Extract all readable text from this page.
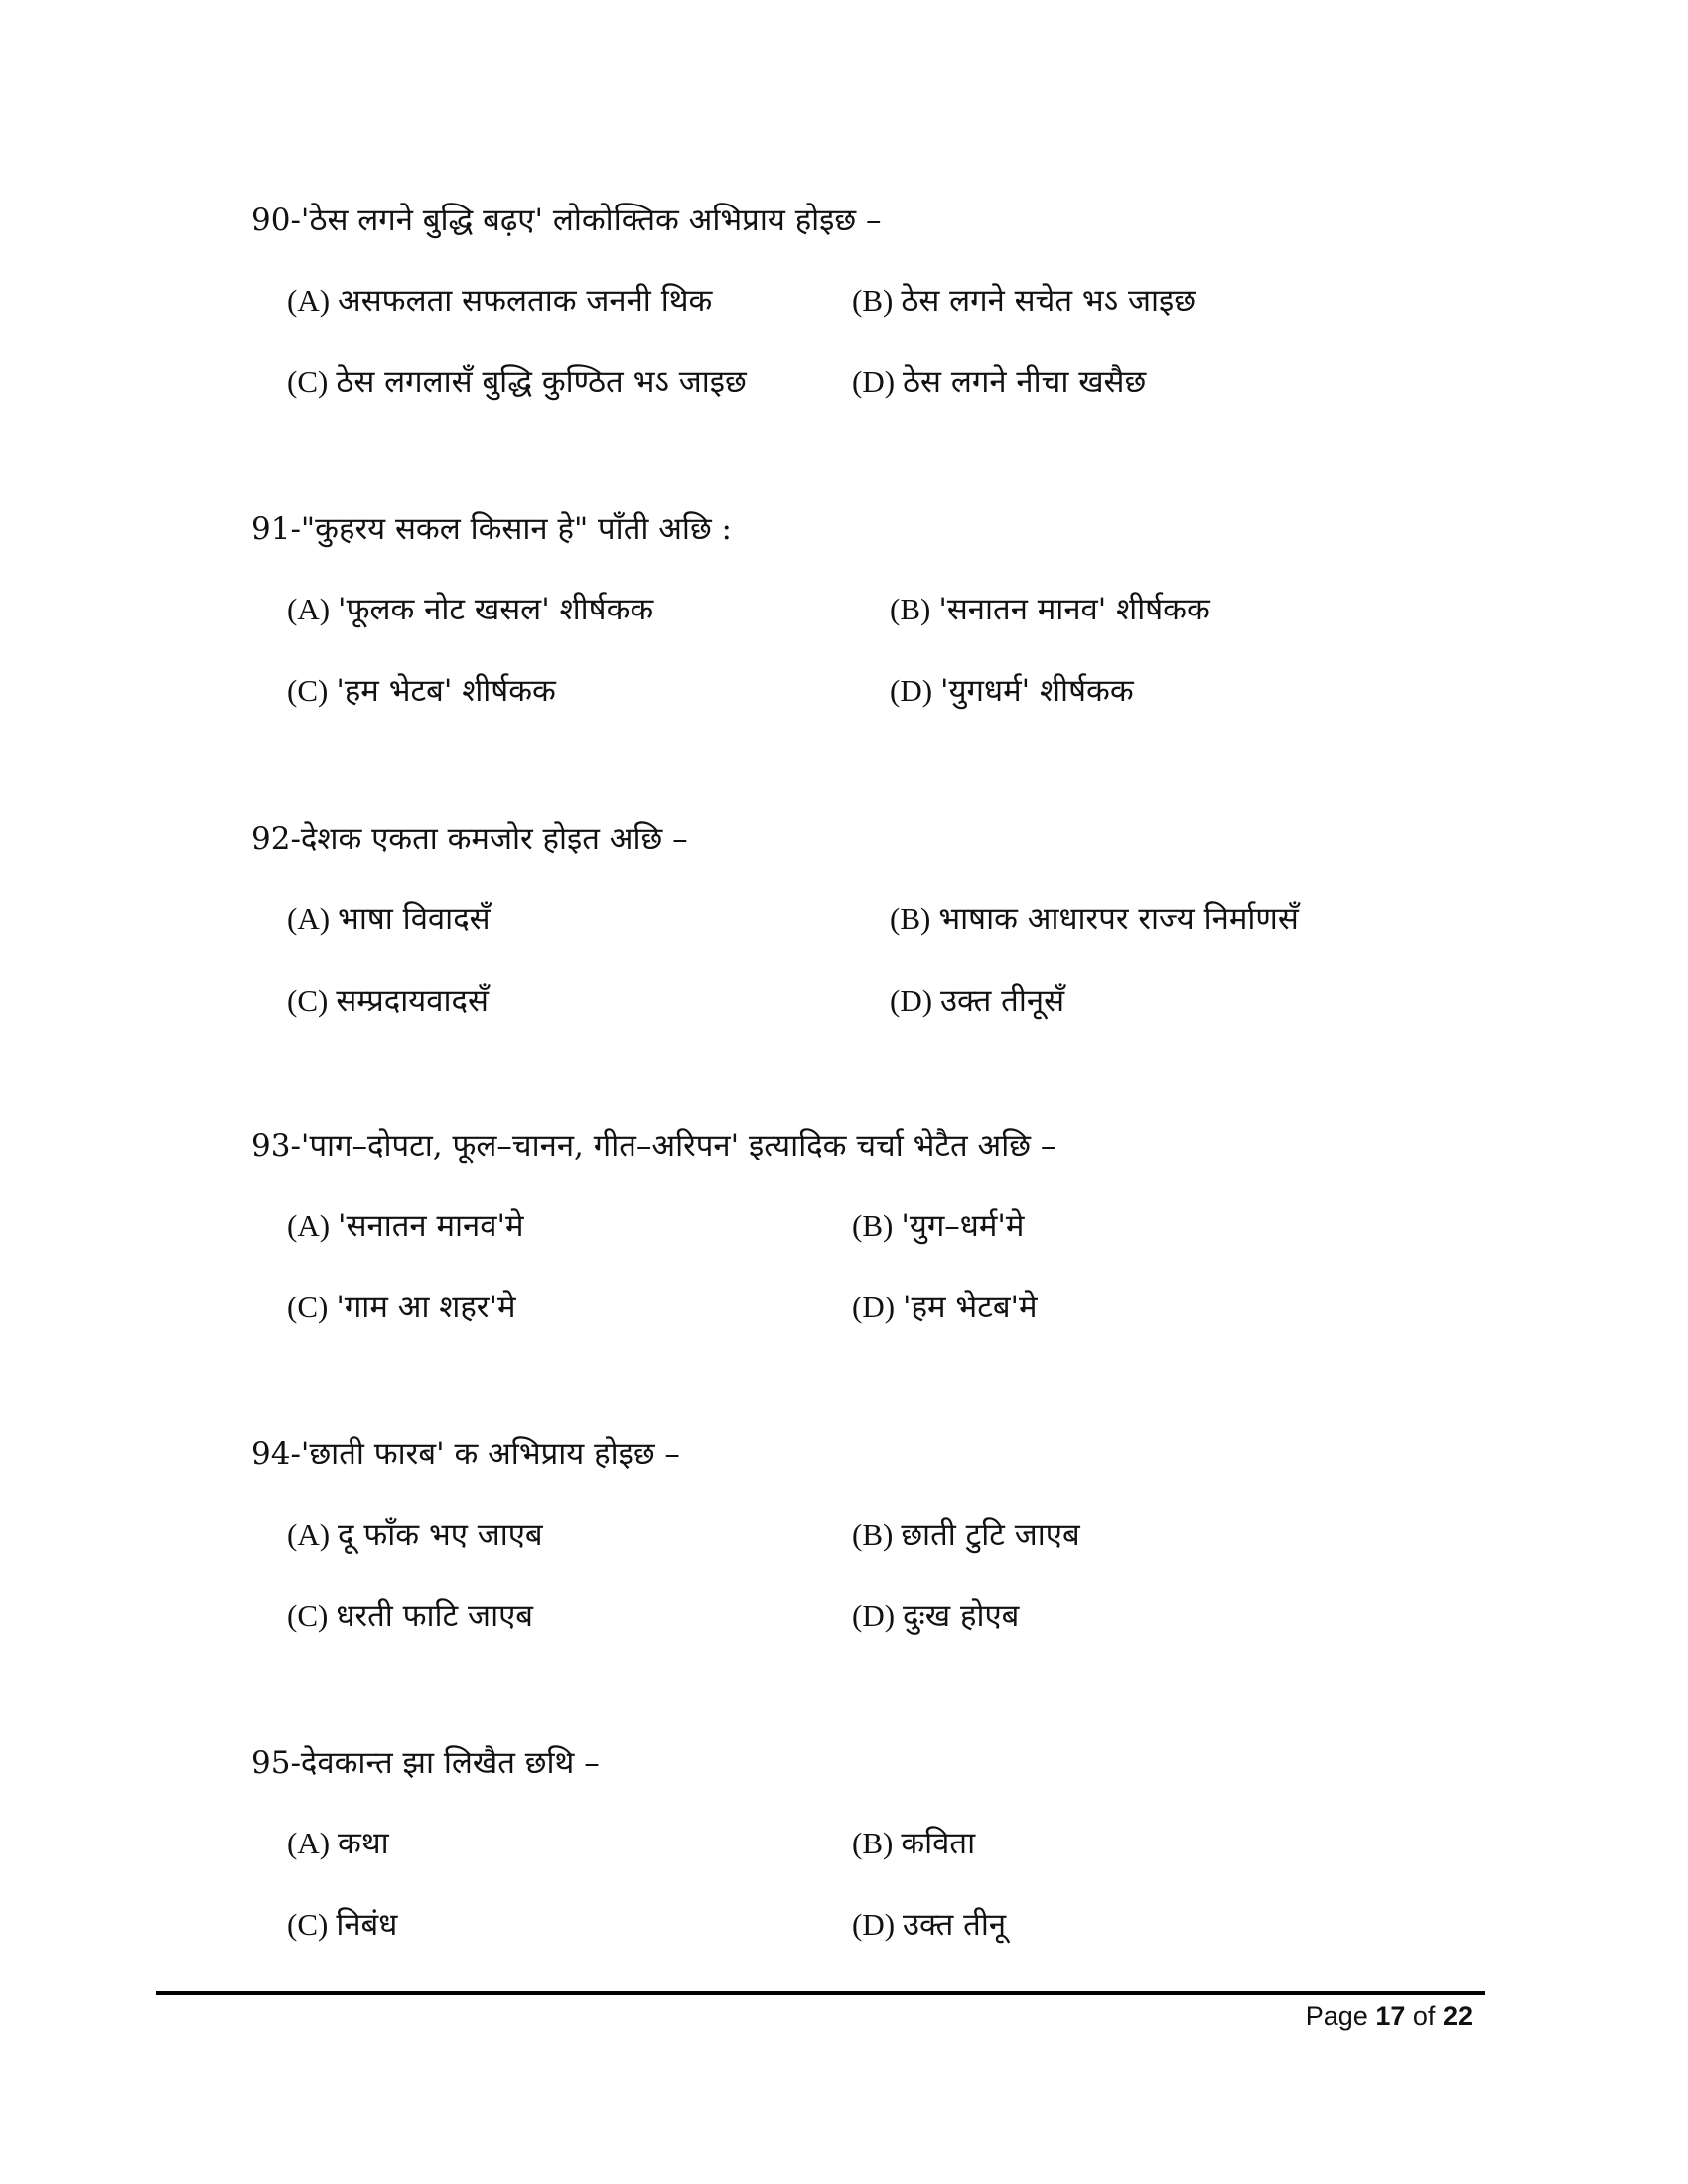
90-'ठेस लगने बुद्धि बढ़ए' लोकोक्तिक अभिप्राय होइछ –
(A) असफलता सफलताक जननी थिक	(B) ठेस लगने सचेत भऽ जाइछ
(C) ठेस लगलासँ बुद्धि कुण्ठित भऽ जाइछ	(D) ठेस लगने नीचा खसैछ
91-"कुहरय सकल किसान हे" पाँती अछि :
(A) 'फूलक नोट खसल' शीर्षकक	(B) 'सनातन मानव' शीर्षकक
(C) 'हम भेटब' शीर्षकक	(D) 'युगधर्म' शीर्षकक
92-देशक एकता कमजोर होइत अछि –
(A) भाषा विवादसँ	(B) भाषाक आधारपर राज्य निर्माणसँ
(C) सम्प्रदायवादसँ	(D) उक्त तीनूसँ
93-'पाग–दोपटा, फूल–चानन, गीत–अरिपन' इत्यादिक चर्चा भेटैत अछि –
(A) 'सनातन मानव'मे	(B) 'युग–धर्म'मे
(C) 'गाम आ शहर'मे	(D) 'हम भेटब'मे
94-'छाती फारब' क अभिप्राय होइछ –
(A) दू फाँक भए जाएब	(B) छाती टुटि जाएब
(C) धरती फाटि जाएब	(D) दुःख होएब
95-देवकान्त झा लिखैत छथि –
(A) कथा	(B) कविता
(C) निबंध	(D) उक्त तीनू
Page 17 of 22
